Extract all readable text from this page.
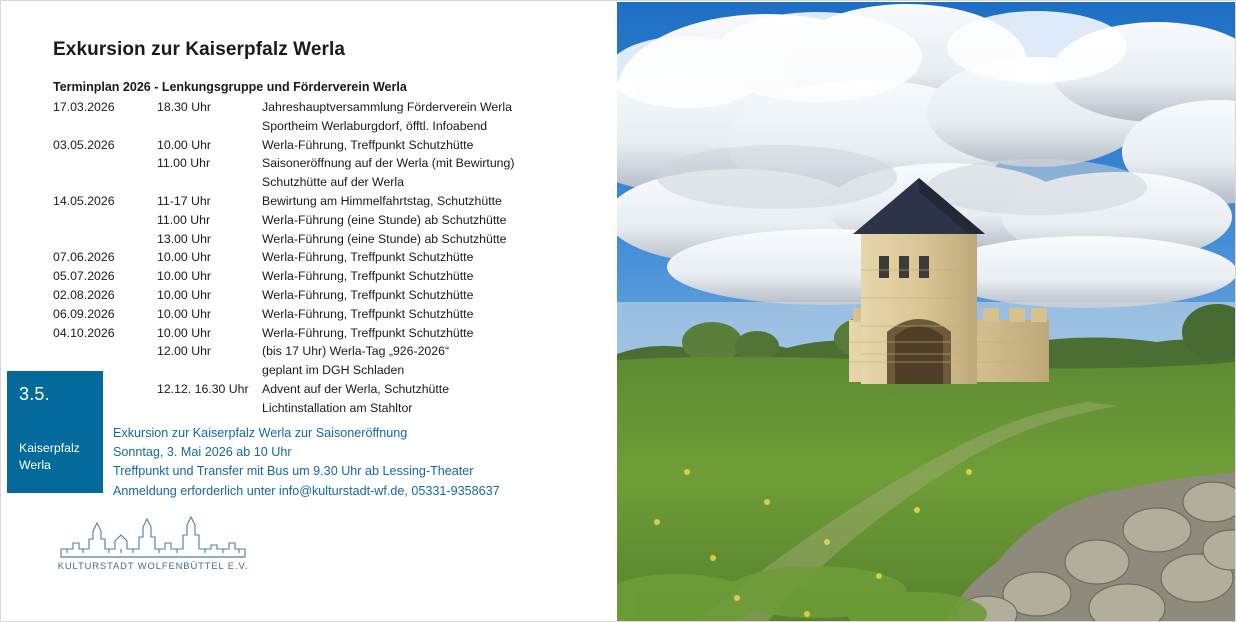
Exkursion zur Kaiserpfalz Werla
Terminplan 2026 - Lenkungsgruppe und Förderverein Werla
17.03.2026	18.30 Uhr	Jahreshauptversammlung Förderverein Werla
		Sportheim Werlaburgdorf, öfftl. Infoabend
03.05.2026	10.00 Uhr	Werla-Führung, Treffpunkt Schutzhütte
	11.00 Uhr	Saisoneröffnung auf der Werla (mit Bewirtung)
		Schutzhütte auf der Werla
14.05.2026	11-17 Uhr	Bewirtung am Himmelfahrtstag, Schutzhütte
	11.00 Uhr	Werla-Führung (eine Stunde) ab Schutzhütte
	13.00 Uhr	Werla-Führung (eine Stunde) ab Schutzhütte
07.06.2026	10.00 Uhr	Werla-Führung, Treffpunkt Schutzhütte
05.07.2026	10.00 Uhr	Werla-Führung, Treffpunkt Schutzhütte
02.08.2026	10.00 Uhr	Werla-Führung, Treffpunkt Schutzhütte
06.09.2026	10.00 Uhr	Werla-Führung, Treffpunkt Schutzhütte
04.10.2026	10.00 Uhr	Werla-Führung, Treffpunkt Schutzhütte
	12.00 Uhr	(bis 17 Uhr) Werla-Tag „926-2026“
		geplant im DGH Schladen
	12.12. 16.30 Uhr	Advent auf der Werla, Schutzhütte
		Lichtinstallation am Stahltor
3.5.
Kaiserpfalz
Werla
Exkursion zur Kaiserpfalz Werla zur Saisoneröffnung
Sonntag, 3. Mai 2026 ab 10 Uhr
Treffpunkt und Transfer mit Bus um 9.30 Uhr ab Lessing-Theater
Anmeldung erforderlich unter info@kulturstadt-wf.de, 05331-9358637
KULTURSTADT WOLFENBÜTTEL E.V.
